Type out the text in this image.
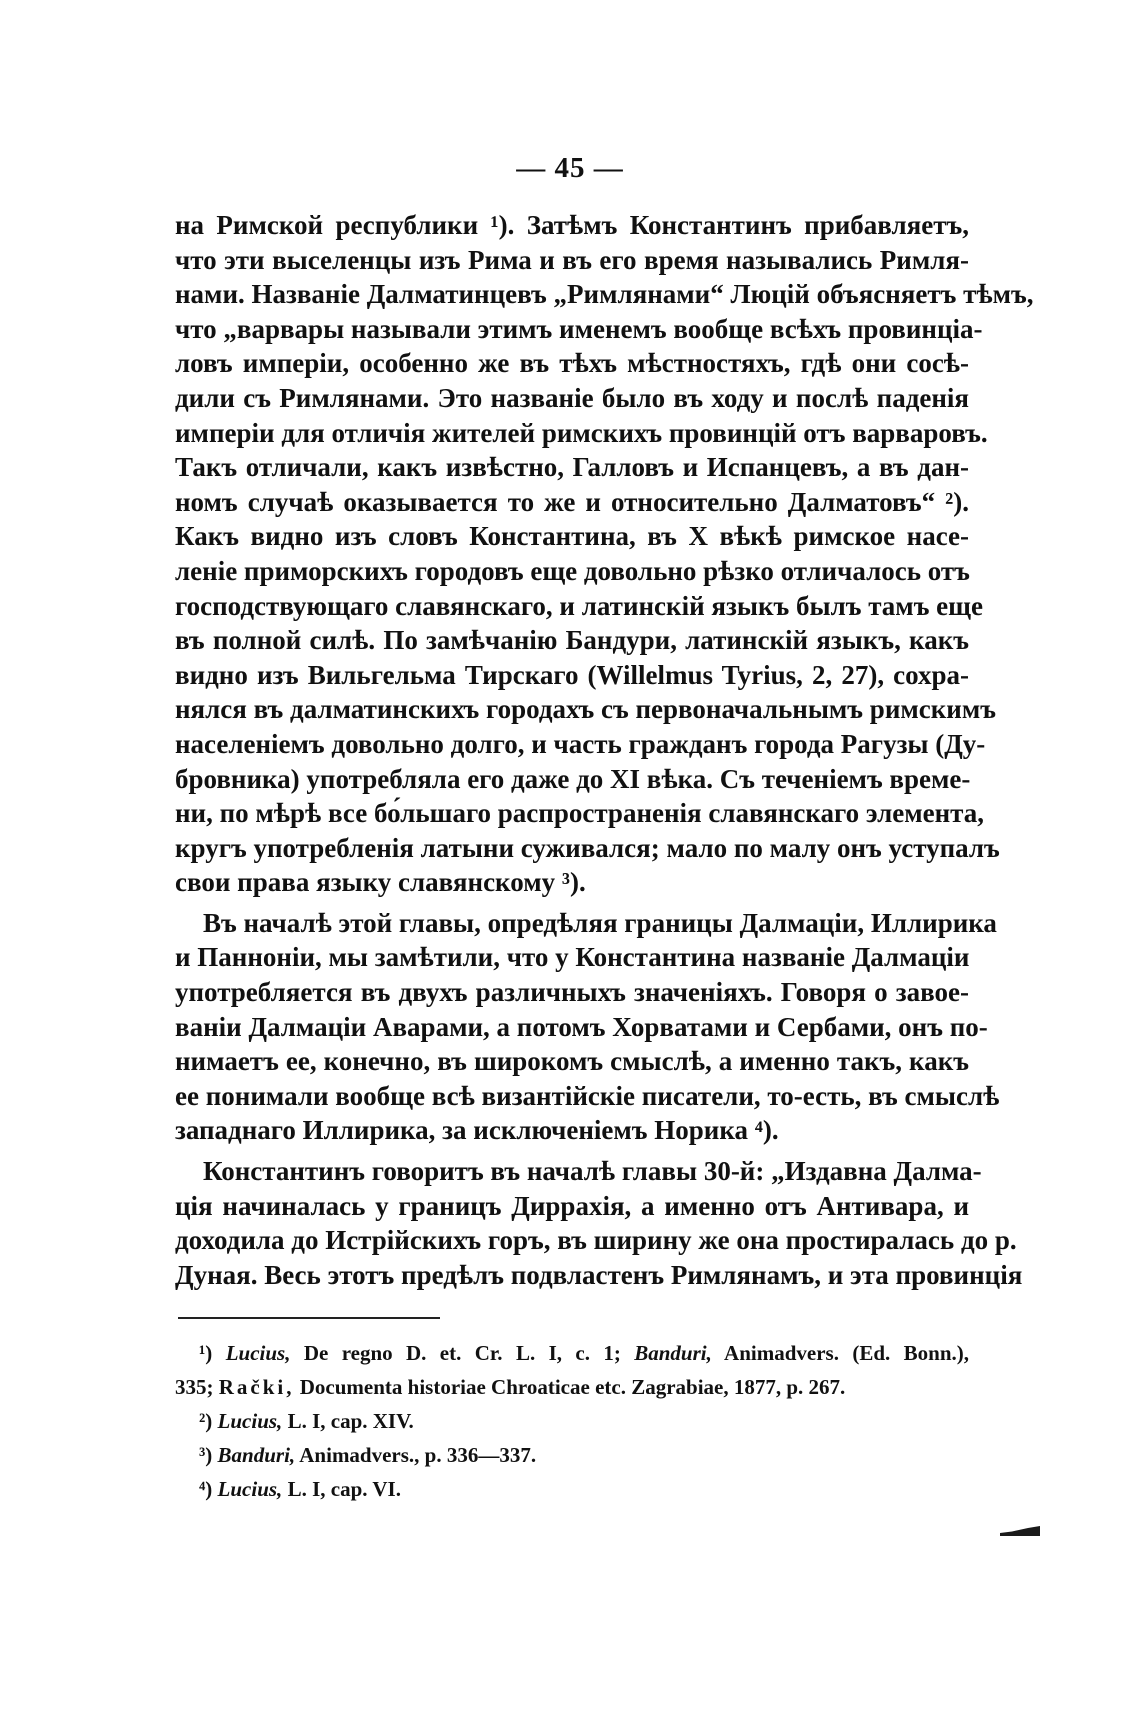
— 45 —
на Римской республики ¹). Затѣмъ Константинъ прибавляетъ,
что эти выселенцы изъ Рима и въ его время назывались Римля-
нами. Названіе Далматинцевъ „Римлянами“ Люцій объясняетъ тѣмъ,
что „варвары называли этимъ именемъ вообще всѣхъ провинціа-
ловъ имперіи, особенно же въ тѣхъ мѣстностяхъ, гдѣ они сосѣ-
дили съ Римлянами. Это названіе было въ ходу и послѣ паденія
имперіи для отличія жителей римскихъ провинцій отъ варваровъ.
Такъ отличали, какъ извѣстно, Галловъ и Испанцевъ, а въ дан-
номъ случаѣ оказывается то же и относительно Далматовъ“ ²).
Какъ видно изъ словъ Константина, въ X вѣкѣ римское насе-
леніе приморскихъ городовъ еще довольно рѣзко отличалось отъ
господствующаго славянскаго, и латинскій языкъ былъ тамъ еще
въ полной силѣ. По замѣчанію Бандури, латинскій языкъ, какъ
видно изъ Вильгельма Тирскаго (Willelmus Tyrius, 2, 27), сохра-
нялся въ далматинскихъ городахъ съ первоначальнымъ римскимъ
населеніемъ довольно долго, и часть гражданъ города Рагузы (Ду-
бровника) употребляла его даже до XI вѣка. Съ теченіемъ време-
ни, по мѣрѣ все бо́льшаго распространенія славянскаго элемента,
кругъ употребленія латыни суживался; мало по малу онъ уступалъ
свои права языку славянскому ³).
Въ началѣ этой главы, опредѣляя границы Далмаціи, Иллирика
и Панноніи, мы замѣтили, что у Константина названіе Далмаціи
употребляется въ двухъ различныхъ значеніяхъ. Говоря о завое-
ваніи Далмаціи Аварами, а потомъ Хорватами и Сербами, онъ по-
нимаетъ ее, конечно, въ широкомъ смыслѣ, а именно такъ, какъ
ее понимали вообще всѣ византійскіе писатели, то-есть, въ смыслѣ
западнаго Иллирика, за исключеніемъ Норика ⁴).
Константинъ говоритъ въ началѣ главы 30-й: „Издавна Далма-
ція начиналась у границъ Диррахія, а именно отъ Антивара, и
доходила до Истрійскихъ горъ, въ ширину же она простиралась до р.
Дуная. Весь этотъ предѣлъ подвластенъ Римлянамъ, и эта провинція
¹) Lucius, De regno D. et. Cr. L. I, c. 1; Banduri, Animadvers. (Ed. Bonn.),
335; Rački, Documenta historiae Chroaticae etc. Zagrabiae, 1877, p. 267.
²) Lucius, L. I, cap. XIV.
³) Banduri, Animadvers., p. 336—337.
⁴) Lucius, L. I, cap. VI.
